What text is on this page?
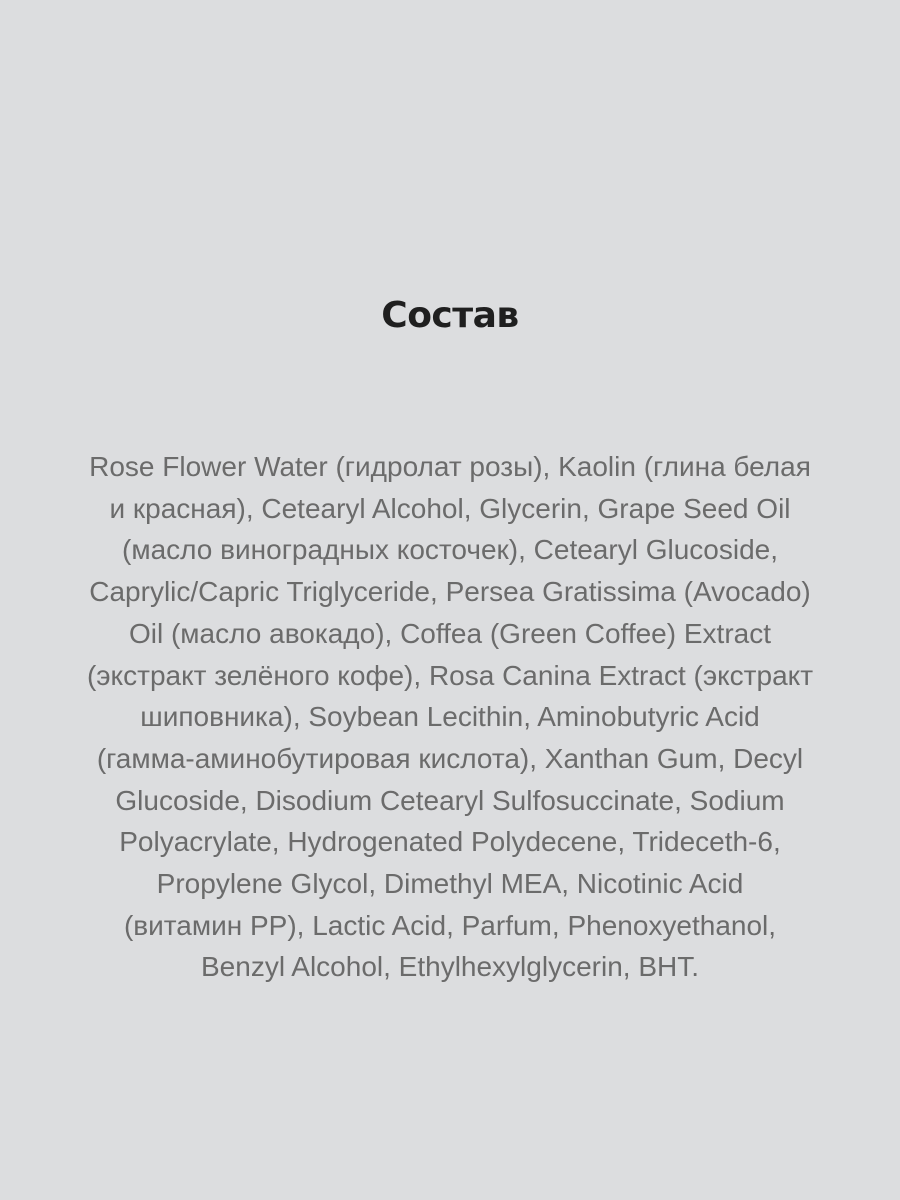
Состав
Rose Flower Water (гидролат розы), Kaolin (глина белая
и красная), Cetearyl Alcohol, Glycerin, Grape Seed Oil
(масло виноградных косточек), Cetearyl Glucoside,
Caprylic/Capric Triglyceride, Persea Gratissima (Avocado)
Oil (масло авокадо), Coffea (Green Coffee) Extract
(экстракт зелёного кофе), Rosa Canina Extract (экстракт
шиповника), Soybean Lecithin, Aminobutyric Acid
(гамма-аминобутировая кислота), Xanthan Gum, Decyl
Glucoside, Disodium Cetearyl Sulfosuccinate, Sodium
Polyacrylate, Hydrogenated Polydecene, Trideceth-6,
Propylene Glycol, Dimethyl MEA, Nicotinic Acid
(витамин PP), Lactic Acid, Parfum, Phenoxyethanol,
Benzyl Alcohol, Ethylhexylglycerin, BHT.
